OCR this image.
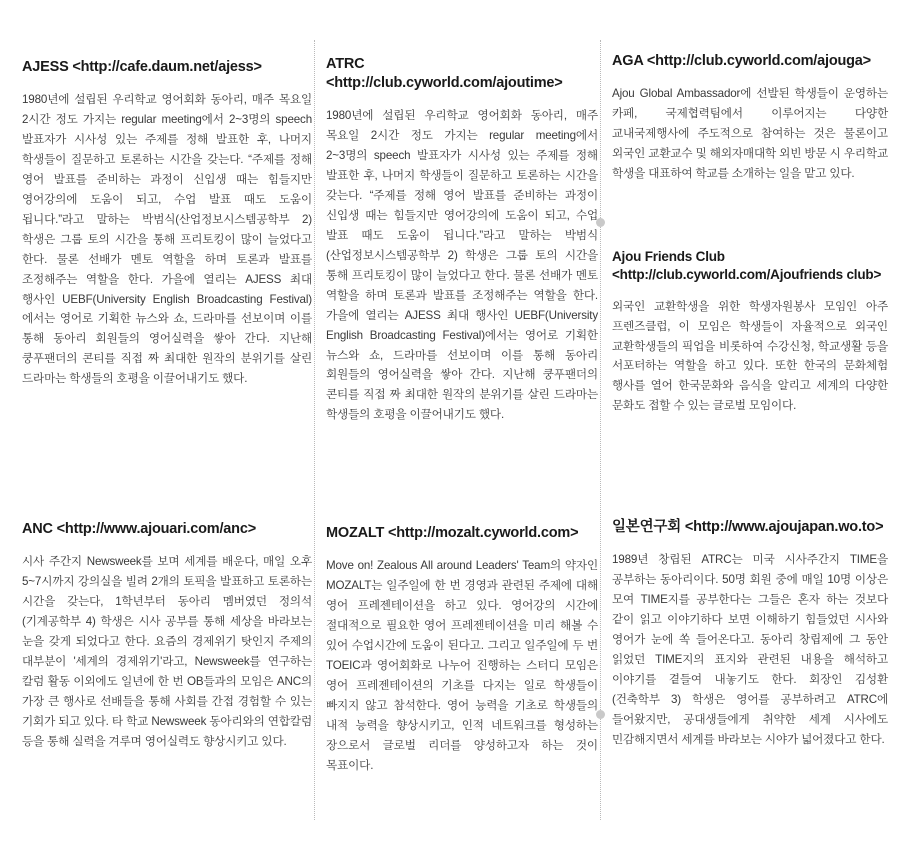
AJESS <http://cafe.daum.net/ajess>

1980년에 설립된 우리학교 영어회화 동아리, 매주 목요일 2시간 정도 가지는 regular meeting에서 2~3명의 speech 발표자가 시사성 있는 주제를 정해 발표한 후, 나머지 학생들이 질문하고 토론하는 시간을 갖는다. “주제를 정해 영어 발표를 준비하는 과정이 신입생 때는 힘들지만 영어강의에 도움이 되고, 수업 발표 때도 도움이 됩니다.”라고 말하는 박범식(산업정보시스템공학부 2) 학생은 그룹 토의 시간을 통해 프리토킹이 많이 늘었다고 한다. 물론 선배가 멘토 역할을 하며 토론과 발표를 조정해주는 역할을 한다. 가을에 열리는 AJESS 최대 행사인 UEBF(University English Broadcasting Festival)에서는 영어로 기획한 뉴스와 쇼, 드라마를 선보이며 이를 통해 동아리 회원들의 영어실력을 쌓아 간다. 지난해 쿵푸팬더의 콘티를 직접 짜 최대한 원작의 분위기를 살린 드라마는 학생들의 호평을 이끌어내기도 했다.

ANC <http://www.ajouari.com/anc>

시사 주간지 Newsweek를 보며 세계를 배운다, 매일 오후 5~7시까지 강의실을 빌려 2개의 토픽을 발표하고 토론하는 시간을 갖는다, 1학년부터 동아리 멤버였던 정의석(기계공학부 4) 학생은 시사 공부를 통해 세상을 바라보는 눈을 갖게 되었다고 한다. 요즘의 경제위기 탓인지 주제의 대부분이 '세계의 경제위기'라고, Newsweek를 연구하는 칼럼 활동 이외에도 일년에 한 번 OB들과의 모임은 ANC의 가장 큰 행사로 선배들을 통해 사회를 간접 경험할 수 있는 기회가 되고 있다. 타 학교 Newsweek 동아리와의 연합칼럼 등을 통해 실력을 겨루며 영어실력도 향상시키고 있다.

ATRC <http://club.cyworld.com/ajoutime>

1980년에 설립된 우리학교 영어회화 동아리, 매주 목요일 2시간 정도 가지는 regular meeting에서 2~3명의 speech 발표자가 시사성 있는 주제를 정해 발표한 후, 나머지 학생들이 질문하고 토론하는 시간을 갖는다. “주제를 정해 영어 발표를 준비하는 과정이 신입생 때는 힘들지만 영어강의에 도움이 되고, 수업 발표 때도 도움이 됩니다.”라고 말하는 박범식(산업정보시스템공학부 2) 학생은 그룹 토의 시간을 통해 프리토킹이 많이 늘었다고 한다. 물론 선배가 멘토 역할을 하며 토론과 발표를 조정해주는 역할을 한다. 가을에 열리는 AJESS 최대 행사인 UEBF(University English Broadcasting Festival)에서는 영어로 기획한 뉴스와 쇼, 드라마를 선보이며 이를 통해 동아리 회원들의 영어실력을 쌓아 간다. 지난해 쿵푸팬더의 콘티를 직접 짜 최대한 원작의 분위기를 살린 드라마는 학생들의 호평을 이끌어내기도 했다.

MOZALT <http://mozalt.cyworld.com>

Move on! Zealous All around Leaders' Team의 약자인 MOZALT는 일주일에 한 번 경영과 관련된 주제에 대해 영어 프레젠테이션을 하고 있다. 영어강의 시간에 절대적으로 필요한 영어 프레젠테이션을 미리 해볼 수 있어 수업시간에 도움이 된다고. 그리고 일주일에 두 번 TOEIC과 영어회화로 나누어 진행하는 스터디 모임은 영어 프레젠테이션의 기초를 다지는 일로 학생들이 빠지지 않고 참석한다. 영어 능력을 기초로 학생들의 내적 능력을 향상시키고, 인적 네트워크를 형성하는 장으로서 글로벌 리더를 양성하고자 하는 것이 목표이다.

AGA <http://club.cyworld.com/ajouga>

Ajou Global Ambassador에 선발된 학생들이 운영하는 카페, 국제협력팀에서 이루어지는 다양한 교내국제행사에 주도적으로 참여하는 것은 물론이고 외국인 교환교수 및 해외자매대학 외빈 방문 시 우리학교 학생을 대표하여 학교를 소개하는 일을 맡고 있다.

Ajou Friends Club <http://club.cyworld.com/Ajoufriends club>

외국인 교환학생을 위한 학생자원봉사 모임인 아주 프렌즈클럽, 이 모임은 학생들이 자율적으로 외국인 교환학생들의 픽업을 비롯하여 수강신청, 학교생활 등을 서포터하는 역할을 하고 있다. 또한 한국의 문화체험 행사를 열어 한국문화와 음식을 알리고 세계의 다양한 문화도 접할 수 있는 글로벌 모임이다.

일본연구회 <http://www.ajoujapan.wo.to>

1989년 창립된 ATRC는 미국 시사주간지 TIME을 공부하는 동아리이다. 50명 회원 중에 매일 10명 이상은 모여 TIME지를 공부한다는 그들은 혼자 하는 것보다 같이 읽고 이야기하다 보면 이해하기 힘들었던 시사와 영어가 눈에 쏙 들어온다고. 동아리 창립제에 그 동안 읽었던 TIME지의 표지와 관련된 내용을 해석하고 이야기를 곁들여 내놓기도 한다. 회장인 김성환(건축학부 3) 학생은 영어를 공부하려고 ATRC에 들어왔지만, 공대생들에게 취약한 세계 시사에도 민감해지면서 세계를 바라보는 시야가 넓어졌다고 한다.
